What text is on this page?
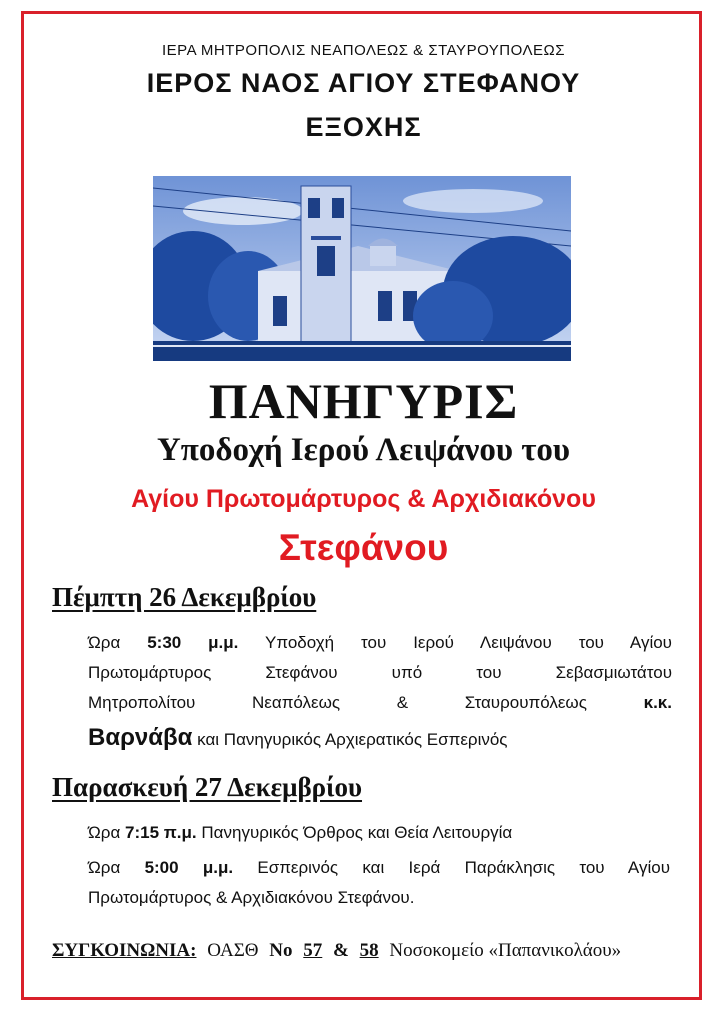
ΙΕΡΑ ΜΗΤΡΟΠΟΛΙΣ ΝΕΑΠΟΛΕΩΣ & ΣΤΑΥΡΟΥΠΟΛΕΩΣ
ΙΕΡΟΣ ΝΑΟΣ ΑΓΙΟΥ ΣΤΕΦΑΝΟΥ
ΕΞΟΧΗΣ
ΠΑΝΗΓΥΡΙΣ
Υποδοχή Ιερού Λειψάνου του
Αγίου Πρωτομάρτυρος & Αρχιδιακόνου
Στεφάνου
Πέμπτη 26 Δεκεμβρίου
Ώρα 5:30 μ.μ. Υποδοχή του Ιερού Λειψάνου του Αγίου
Πρωτομάρτυρος Στεφάνου υπό του Σεβασμιωτάτου
Μητροπολίτου Νεαπόλεως & Σταυρουπόλεως	κ.κ.
Βαρνάβα και Πανηγυρικός Αρχιερατικός Εσπερινός
Παρασκευή 27 Δεκεμβρίου
Ώρα 7:15 π.μ. Πανηγυρικός Όρθρος και Θεία Λειτουργία
Ώρα 5:00 μ.μ. Εσπερινός και Ιερά Παράκλησις του Αγίου
Πρωτομάρτυρος & Αρχιδιακόνου Στεφάνου.
ΣΥΓΚΟΙΝΩΝΙΑ: ΟΑΣΘ Νο 57 & 58 Νοσοκομείο «Παπανικολάου»
